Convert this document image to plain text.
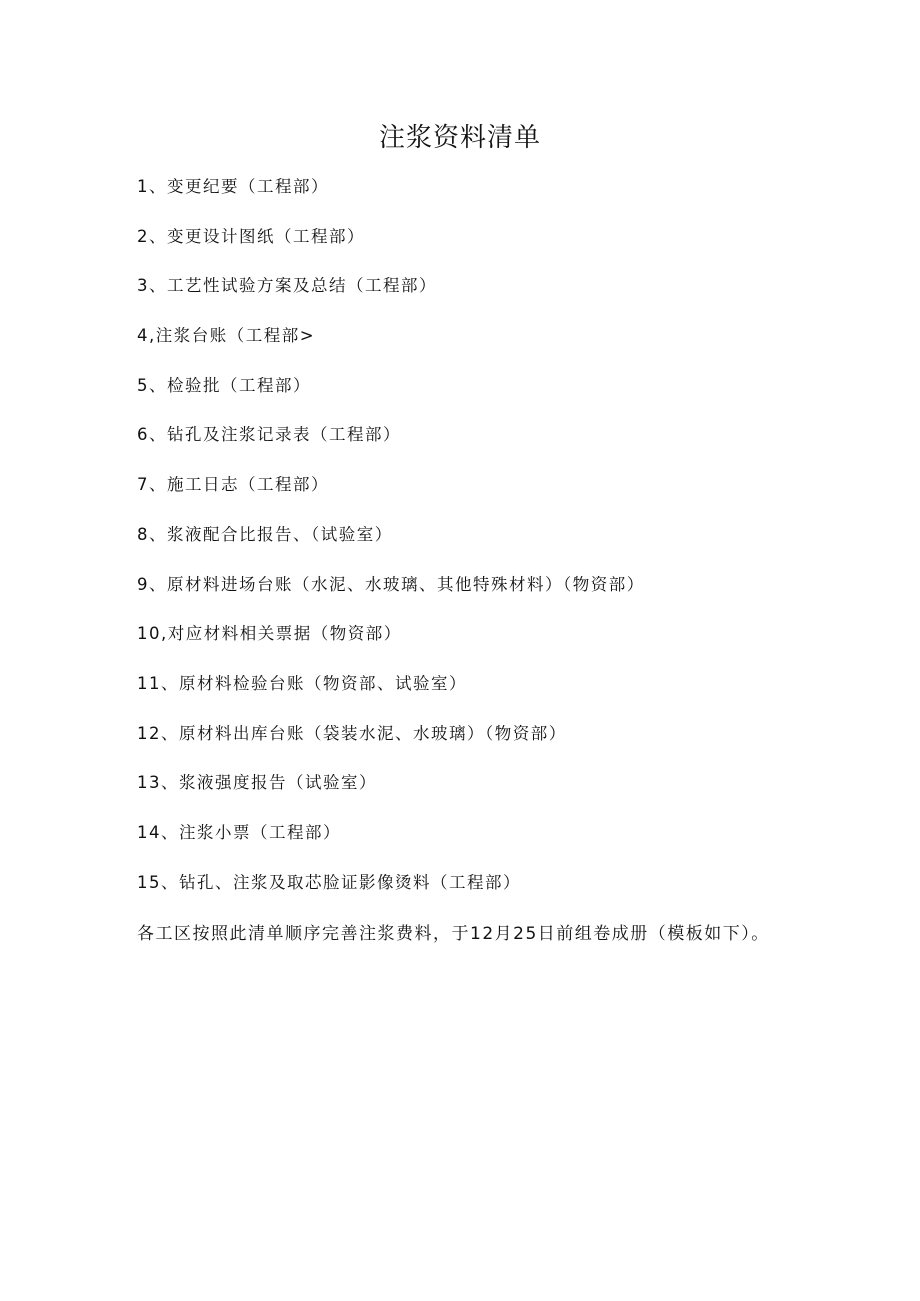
注浆资料清单
1、变更纪要（工程部）
2、变更设计图纸（工程部）
3、工艺性试验方案及总结（工程部）
4,注浆台账（工程部>
5、检验批（工程部）
6、钻孔及注浆记录表（工程部）
7、施工日志（工程部）
8、浆液配合比报告、（试验室）
9、原材料进场台账（水泥、水玻璃、其他特殊材料）（物资部）
10,对应材料相关票据（物资部）
11、原材料检验台账（物资部、试验室）
12、原材料出库台账（袋装水泥、水玻璃）（物资部）
13、浆液强度报告（试验室）
14、注浆小票（工程部）
15、钻孔、注浆及取芯脸证影像烫料（工程部）

各工区按照此清单顺序完善注浆费料，于12月25日前组卷成册（模板如下）。
